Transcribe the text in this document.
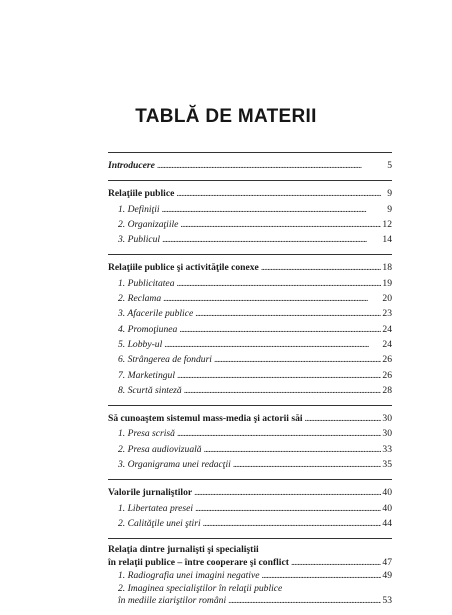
TABLĂ DE MATERII
Introducere . . .	5
Relaţiile publice . . .	9
1. Definiţii . . .	9
2. Organizaţiile . . .	12
3. Publicul . . .	14
Relaţiile publice şi activităţile conexe . . .	18
1. Publicitatea . . .	19
2. Reclama . . .	20
3. Afacerile publice . . .	23
4. Promoţiunea . . .	24
5. Lobby-ul . . .	24
6. Strângerea de fonduri . . .	26
7. Marketingul . . .	26
8. Scurtă sinteză . . .	28
Să cunoaştem sistemul mass-media şi actorii săi . . .	30
1. Presa scrisă . . .	30
2. Presa audiovizuală . . .	33
3. Organigrama unei redacţii . . .	35
Valorile jurnaliştilor . . .	40
1. Libertatea presei . . .	40
2. Calităţile unei ştiri . . .	44
Relaţia dintre jurnalişti şi specialiştii
în relaţii publice – între cooperare şi conflict . . .	47
1. Radiografia unei imagini negative . . .	49
2. Imaginea specialiştilor în relaţii publice
în mediile ziariştilor români . . .	53
